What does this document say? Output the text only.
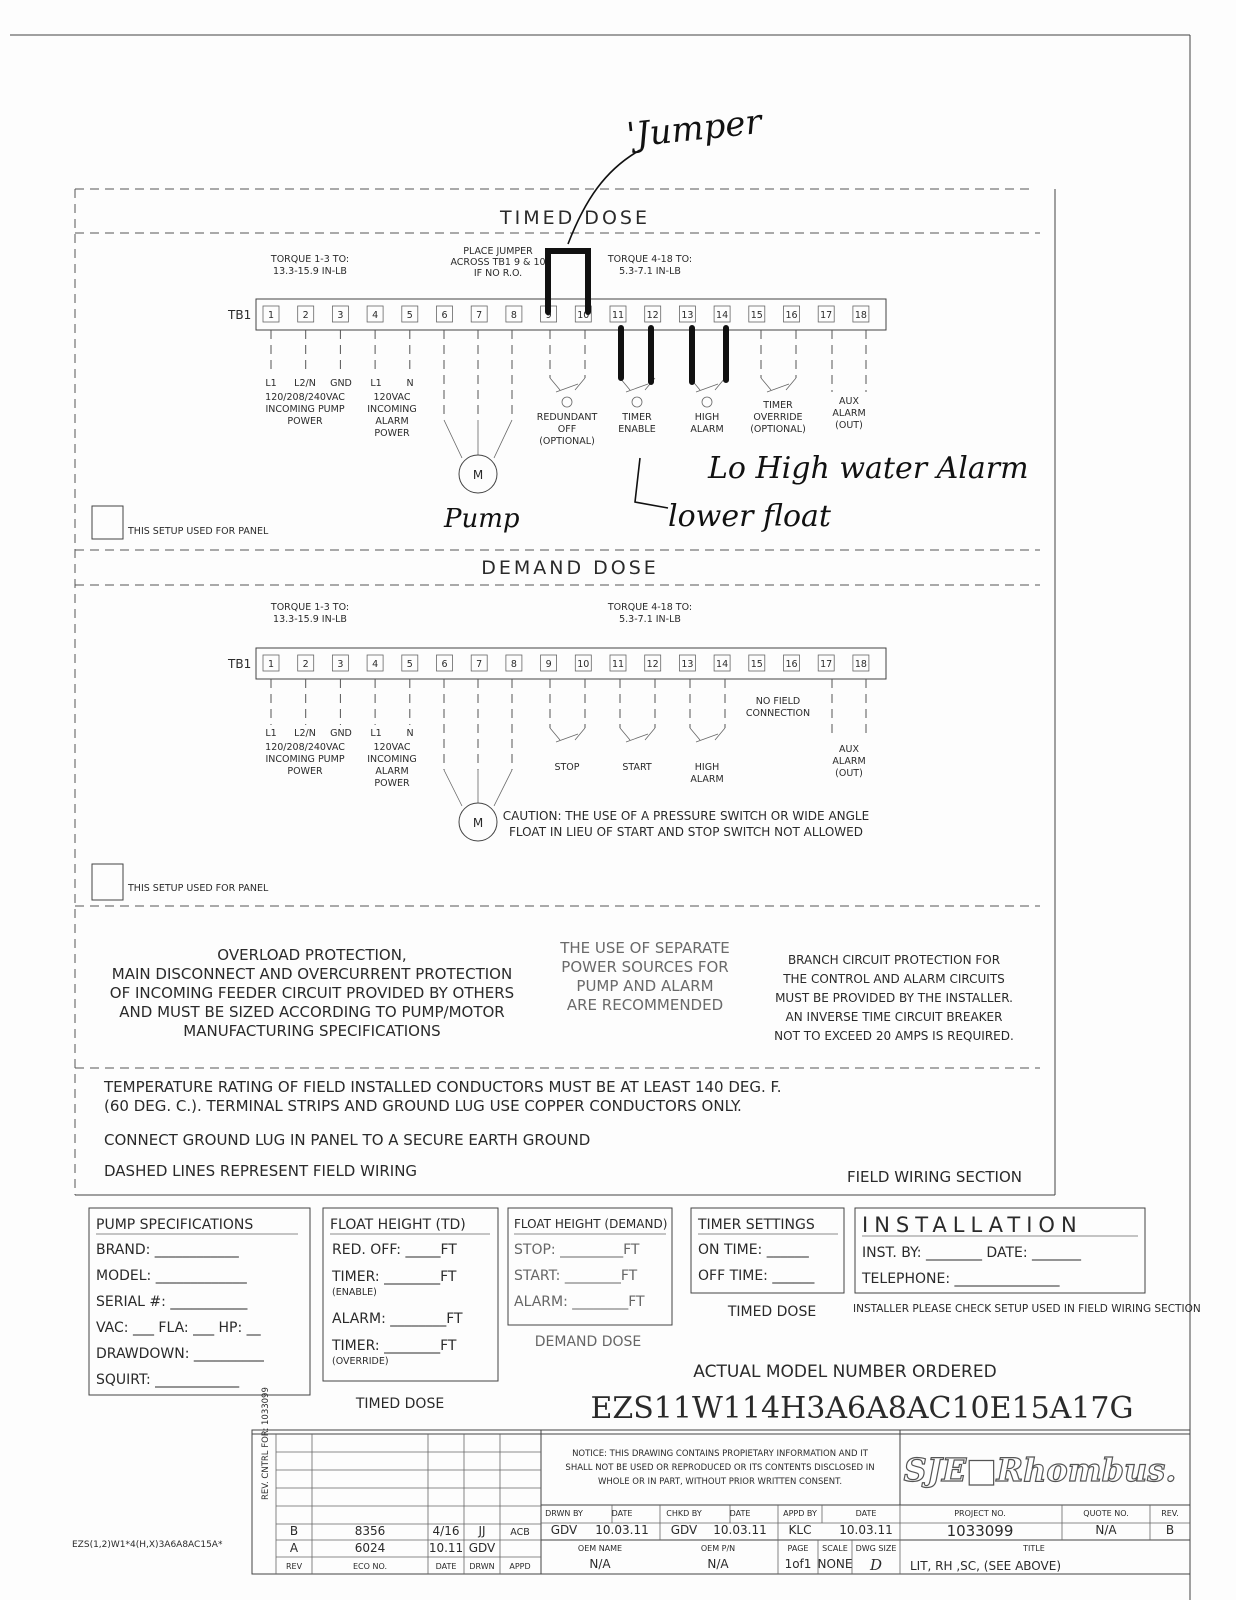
TIMED DOSE
TORQUE 1-3 TO:
13.3-15.9 IN-LB
PLACE JUMPER
ACROSS TB1 9 & 10
IF NO R.O.
TORQUE 4-18 TO:
5.3-7.1 IN-LB
TB1 1	2	3	4	5	6	7	8	9	10 11 12 13 14 15 16 17 18
L1 L2/N GND L1	N
120/208/240VAC
INCOMING PUMP
POWER
120VAC
INCOMING
ALARM
POWER
M
REDUNDANT
OFF
(OPTIONAL)
TIMER
ENABLE
HIGH
ALARM
TIMER
OVERRIDE
(OPTIONAL)
AUX
ALARM
(OUT)
THIS SETUP USED FOR PANEL
'Jumper
Pump
Lo High water Alarm
lower float
DEMAND DOSE
TORQUE 1-3 TO:
13.3-15.9 IN-LB
TORQUE 4-18 TO:
5.3-7.1 IN-LB
TB1 1	2	3	4	5	6	7	8	9	10 11 12 13 14 15 16 17 18
L1 L2/N GND L1	N
120/208/240VAC
INCOMING PUMP
POWER
120VAC
INCOMING
ALARM
POWER
M
STOP	START	HIGH
ALARM
NO FIELD
CONNECTION
AUX
ALARM
(OUT)
CAUTION: THE USE OF A PRESSURE SWITCH OR WIDE ANGLE
FLOAT IN LIEU OF START AND STOP SWITCH NOT ALLOWED
THIS SETUP USED FOR PANEL
OVERLOAD PROTECTION,
MAIN DISCONNECT AND OVERCURRENT PROTECTION
OF INCOMING FEEDER CIRCUIT PROVIDED BY OTHERS
AND MUST BE SIZED ACCORDING TO PUMP/MOTOR
MANUFACTURING SPECIFICATIONS
THE USE OF SEPARATE
POWER SOURCES FOR
PUMP AND ALARM
ARE RECOMMENDED
BRANCH CIRCUIT PROTECTION FOR
THE CONTROL AND ALARM CIRCUITS
MUST BE PROVIDED BY THE INSTALLER.
AN INVERSE TIME CIRCUIT BREAKER
NOT TO EXCEED 20 AMPS IS REQUIRED.
TEMPERATURE RATING OF FIELD INSTALLED CONDUCTORS MUST BE AT LEAST 140 DEG. F.
(60 DEG. C.). TERMINAL STRIPS AND GROUND LUG USE COPPER CONDUCTORS ONLY.
CONNECT GROUND LUG IN PANEL TO A SECURE EARTH GROUND
DASHED LINES REPRESENT FIELD WIRING	FIELD WIRING SECTION
PUMP SPECIFICATIONS
BRAND: ____________
MODEL: _____________
SERIAL #: ___________
VAC: ___ FLA: ___ HP: __
DRAWDOWN: __________
SQUIRT: ____________
FLOAT HEIGHT (TD)
RED. OFF: _____FT
TIMER: ________FT
(ENABLE)
ALARM: ________FT
TIMER: ________FT
(OVERRIDE)
TIMED DOSE
FLOAT HEIGHT (DEMAND)
STOP: _________FT
START: ________FT
ALARM: ________FT
DEMAND DOSE
TIMER SETTINGS
ON TIME: ______
OFF TIME: ______
TIMED DOSE
INSTALLATION
INST. BY: ________ DATE: _______
TELEPHONE: _______________
INSTALLER PLEASE CHECK SETUP USED IN FIELD WIRING SECTION
ACTUAL MODEL NUMBER ORDERED
EZS11W114H3A6A8AC10E15A17G
REV. CNTRL FOR: 1033099
B	8356	4/16 JJ	ACB
A	6024	10.11 GDV
REV	ECO NO.	DATE DRWN APPD
EZS(1,2)W1*4(H,X)3A6A8AC15A*
NOTICE: THIS DRAWING CONTAINS PROPIETARY INFORMATION AND IT
SHALL NOT BE USED OR REPRODUCED OR ITS CONTENTS DISCLOSED IN
WHOLE OR IN PART, WITHOUT PRIOR WRITTEN CONSENT. SJE■Rhombus.
DRWN BY	DATE	CHKD BY	DATE	APPD BY	DATE	PROJECT NO.	QUOTE NO.	REV.
GDV 10.03.11 GDV 10.03.11 KLC 10.03.11	1033099	N/A	B
OEM NAME	OEM P/N	PAGE SCALE DWG SIZE	TITLE
N/A	N/A	1of1 NONE D LIT, RH ,SC, (SEE ABOVE)
